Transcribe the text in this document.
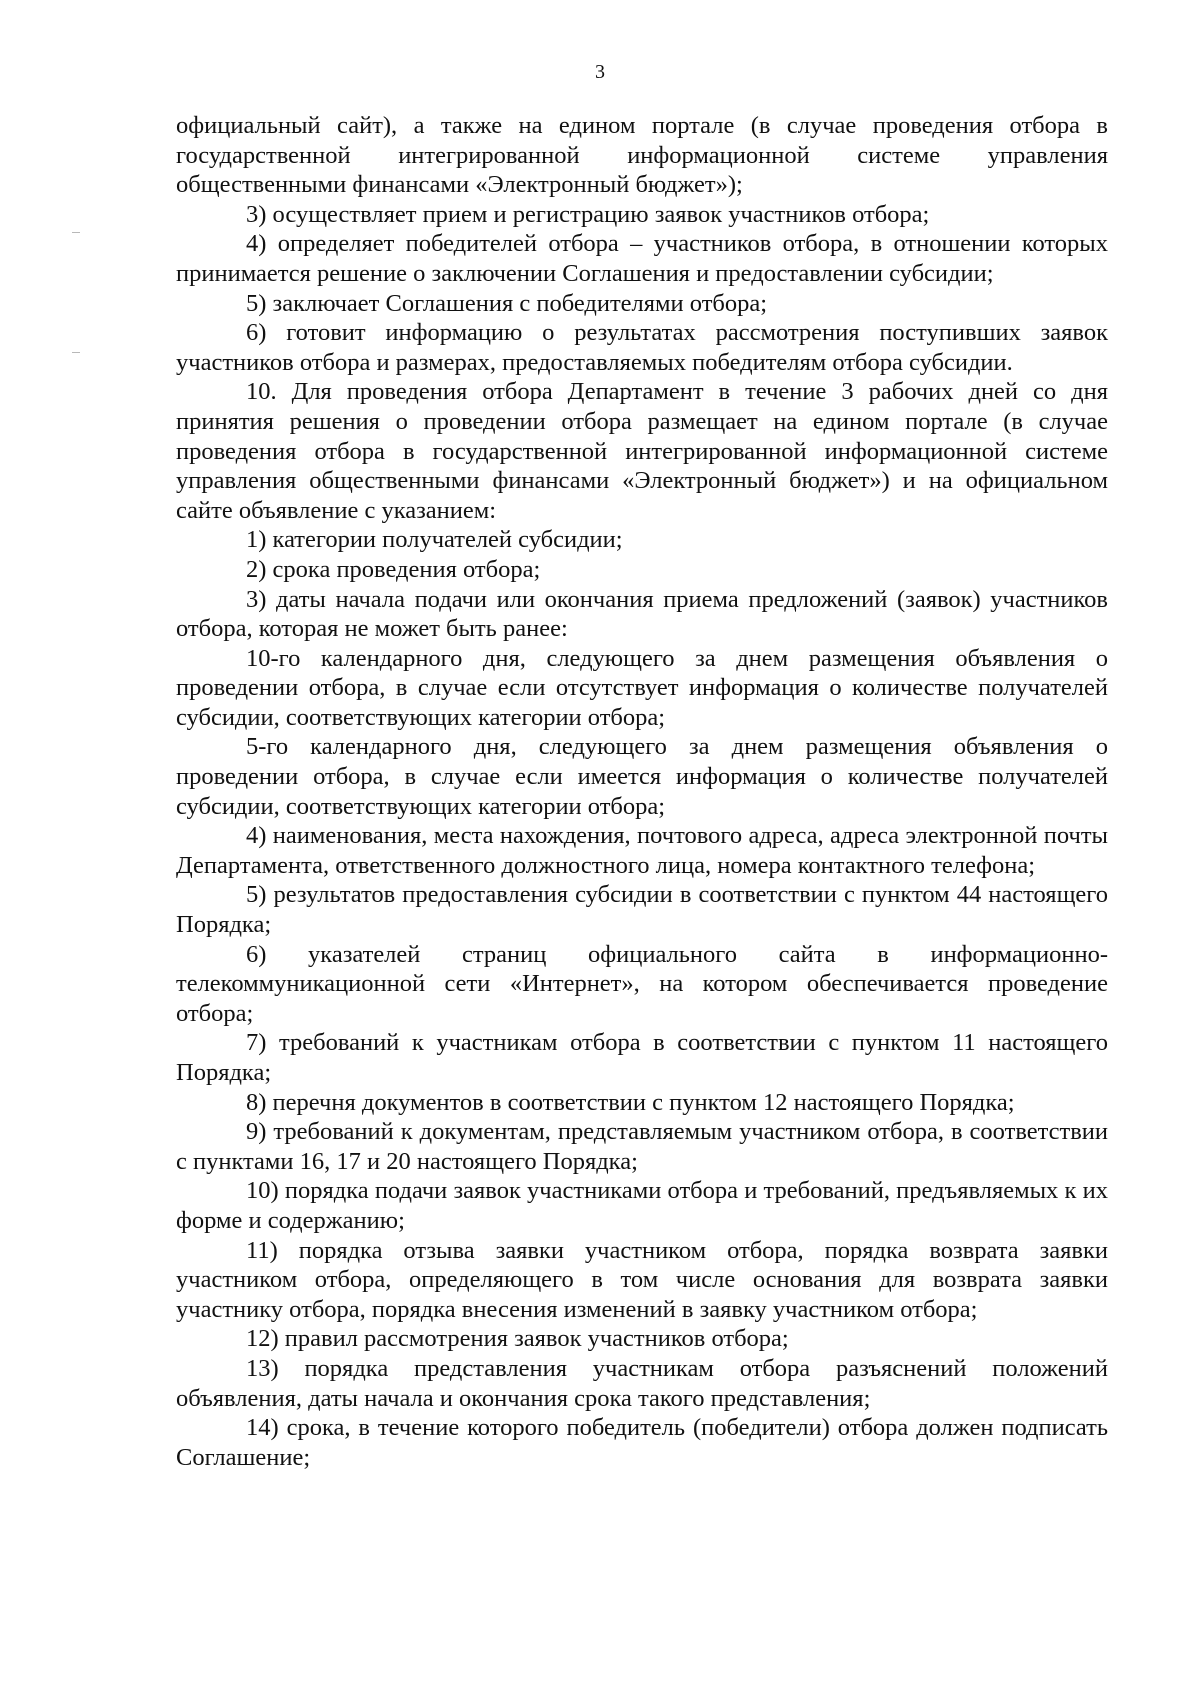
3

официальный сайт), а также на едином портале (в случае проведения отбора в государственной интегрированной информационной системе управления общественными финансами «Электронный бюджет»);

3) осуществляет прием и регистрацию заявок участников отбора;

4) определяет победителей отбора – участников отбора, в отношении которых принимается решение о заключении Соглашения и предоставлении субсидии;

5) заключает Соглашения с победителями отбора;

6) готовит информацию о результатах рассмотрения поступивших заявок участников отбора и размерах, предоставляемых победителям отбора субсидии.

10. Для проведения отбора Департамент в течение 3 рабочих дней со дня принятия решения о проведении отбора размещает на едином портале (в случае проведения отбора в государственной интегрированной информационной системе управления общественными финансами «Электронный бюджет») и на официальном сайте объявление с указанием:

1) категории получателей субсидии;

2) срока проведения отбора;

3) даты начала подачи или окончания приема предложений (заявок) участников отбора, которая не может быть ранее:

10-го календарного дня, следующего за днем размещения объявления о проведении отбора, в случае если отсутствует информация о количестве получателей субсидии, соответствующих категории отбора;

5-го календарного дня, следующего за днем размещения объявления о проведении отбора, в случае если имеется информация о количестве получателей субсидии, соответствующих категории отбора;

4) наименования, места нахождения, почтового адреса, адреса электронной почты Департамента, ответственного должностного лица, номера контактного телефона;

5) результатов предоставления субсидии в соответствии с пунктом 44 настоящего Порядка;

6) указателей страниц официального сайта в информационно-телекоммуникационной сети «Интернет», на котором обеспечивается проведение отбора;

7) требований к участникам отбора в соответствии с пунктом 11 настоящего Порядка;

8) перечня документов в соответствии с пунктом 12 настоящего Порядка;

9) требований к документам, представляемым участником отбора, в соответствии с пунктами 16, 17 и 20 настоящего Порядка;

10) порядка подачи заявок участниками отбора и требований, предъявляемых к их форме и содержанию;

11) порядка отзыва заявки участником отбора, порядка возврата заявки участником отбора, определяющего в том числе основания для возврата заявки участнику отбора, порядка внесения изменений в заявку участником отбора;

12) правил рассмотрения заявок участников отбора;

13) порядка представления участникам отбора разъяснений положений объявления, даты начала и окончания срока такого представления;

14) срока, в течение которого победитель (победители) отбора должен подписать Соглашение;
